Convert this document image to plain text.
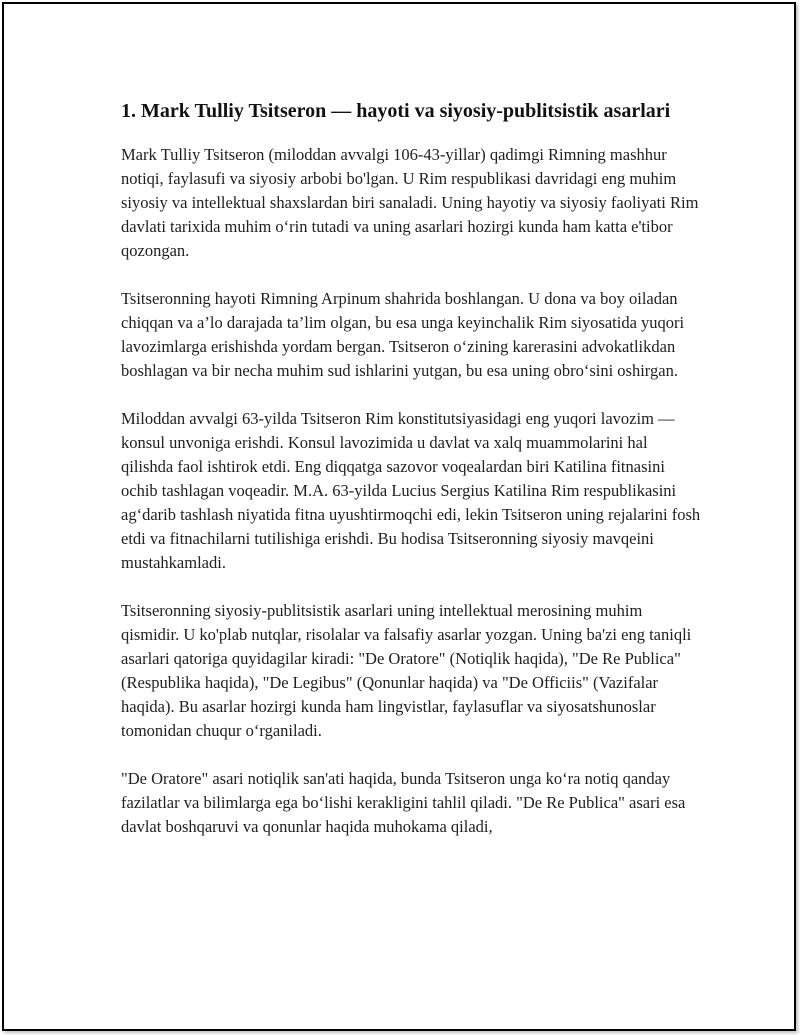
1. Mark Tulliy Tsitseron — hayoti va siyosiy-publitsistik asarlari

Mark Tulliy Tsitseron (miloddan avvalgi 106-43-yillar) qadimgi Rimning mashhur notiqi, faylasufi va siyosiy arbobi bo'lgan. U Rim respublikasi davridagi eng muhim siyosiy va intellektual shaxslardan biri sanaladi. Uning hayotiy va siyosiy faoliyati Rim davlati tarixida muhim o‘rin tutadi va uning asarlari hozirgi kunda ham katta e'tibor qozongan.

Tsitseronning hayoti Rimning Arpinum shahrida boshlangan. U dona va boy oiladan chiqqan va a’lo darajada ta’lim olgan, bu esa unga keyinchalik Rim siyosatida yuqori lavozimlarga erishishda yordam bergan. Tsitseron o‘zining karerasini advokatlikdan boshlagan va bir necha muhim sud ishlarini yutgan, bu esa uning obro‘sini oshirgan.

Miloddan avvalgi 63-yilda Tsitseron Rim konstitutsiyasidagi eng yuqori lavozim — konsul unvoniga erishdi. Konsul lavozimida u davlat va xalq muammolarini hal qilishda faol ishtirok etdi. Eng diqqatga sazovor voqealardan biri Katilina fitnasini ochib tashlagan voqeadir. M.A. 63-yilda Lucius Sergius Katilina Rim respublikasini ag‘darib tashlash niyatida fitna uyushtirmoqchi edi, lekin Tsitseron uning rejalarini fosh etdi va fitnachilarni tutilishiga erishdi. Bu hodisa Tsitseronning siyosiy mavqeini mustahkamladi.

Tsitseronning siyosiy-publitsistik asarlari uning intellektual merosining muhim qismidir. U ko'plab nutqlar, risolalar va falsafiy asarlar yozgan. Uning ba'zi eng taniqli asarlari qatoriga quyidagilar kiradi: "De Oratore" (Notiqlik haqida), "De Re Publica" (Respublika haqida), "De Legibus" (Qonunlar haqida) va "De Officiis" (Vazifalar haqida). Bu asarlar hozirgi kunda ham lingvistlar, faylasuflar va siyosatshunoslar tomonidan chuqur o‘rganiladi.

"De Oratore" asari notiqlik san'ati haqida, bunda Tsitseron unga ko‘ra notiq qanday fazilatlar va bilimlarga ega bo‘lishi kerakligini tahlil qiladi. "De Re Publica" asari esa davlat boshqaruvi va qonunlar haqida muhokama qiladi,
